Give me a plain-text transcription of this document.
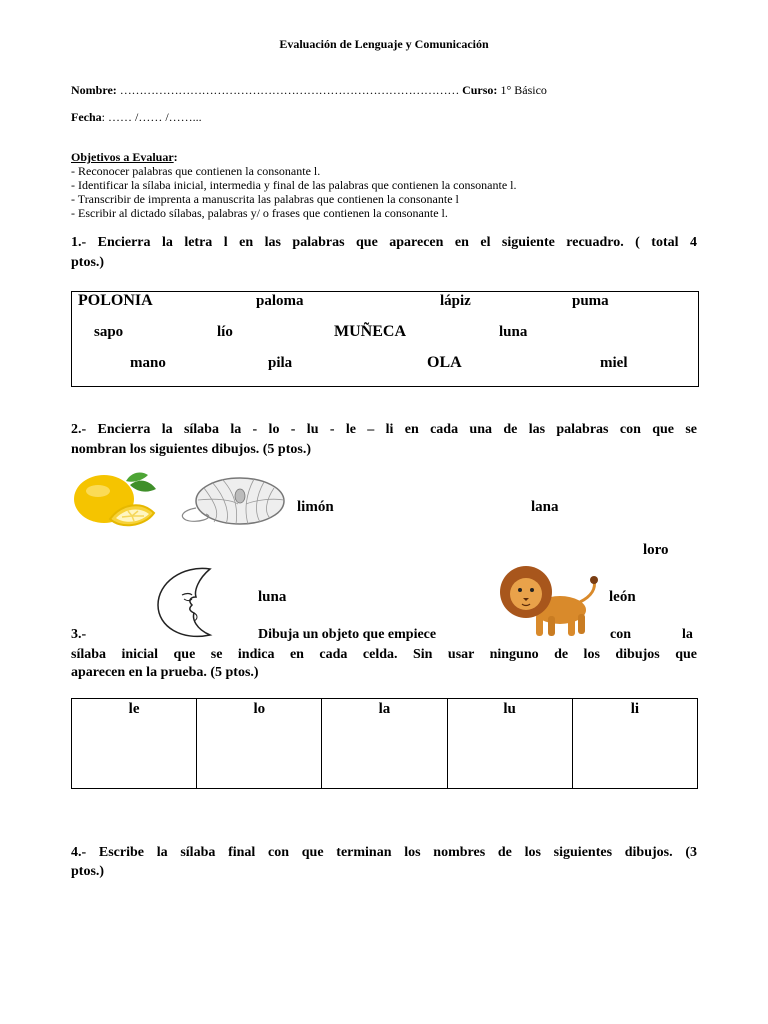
Evaluación de Lenguaje y Comunicación
Nombre: …………………………………………………………………………… Curso: 1° Básico
Fecha: …… /…… /……...
Objetivos a Evaluar:
- Reconocer palabras que contienen la consonante l.
- Identificar la sílaba inicial, intermedia y final de las palabras que contienen la consonante l.
- Transcribir de imprenta a manuscrita las palabras que contienen la consonante l
- Escribir al dictado sílabas, palabras y/ o frases que contienen la consonante l.
1.- Encierra la letra l en las palabras que aparecen en el siguiente recuadro. ( total 4
ptos.)
POLONIA	paloma	lápiz	puma
sapo	lío	MUÑECA	luna
mano	pila	OLA	miel
2.- Encierra la sílaba la - lo - lu - le – li en cada una de las palabras con que se
nombran los siguientes dibujos. (5 ptos.)
limón	lana
loro
luna	león
3.-	Dibuja un objeto que empiece	con	la
sílaba inicial que se indica en cada celda. Sin usar ninguno de los dibujos que
aparecen en la prueba. (5 ptos.)
le	lo	la	lu	li
4.- Escribe la sílaba final con que terminan los nombres de los siguientes dibujos. (3
ptos.)
